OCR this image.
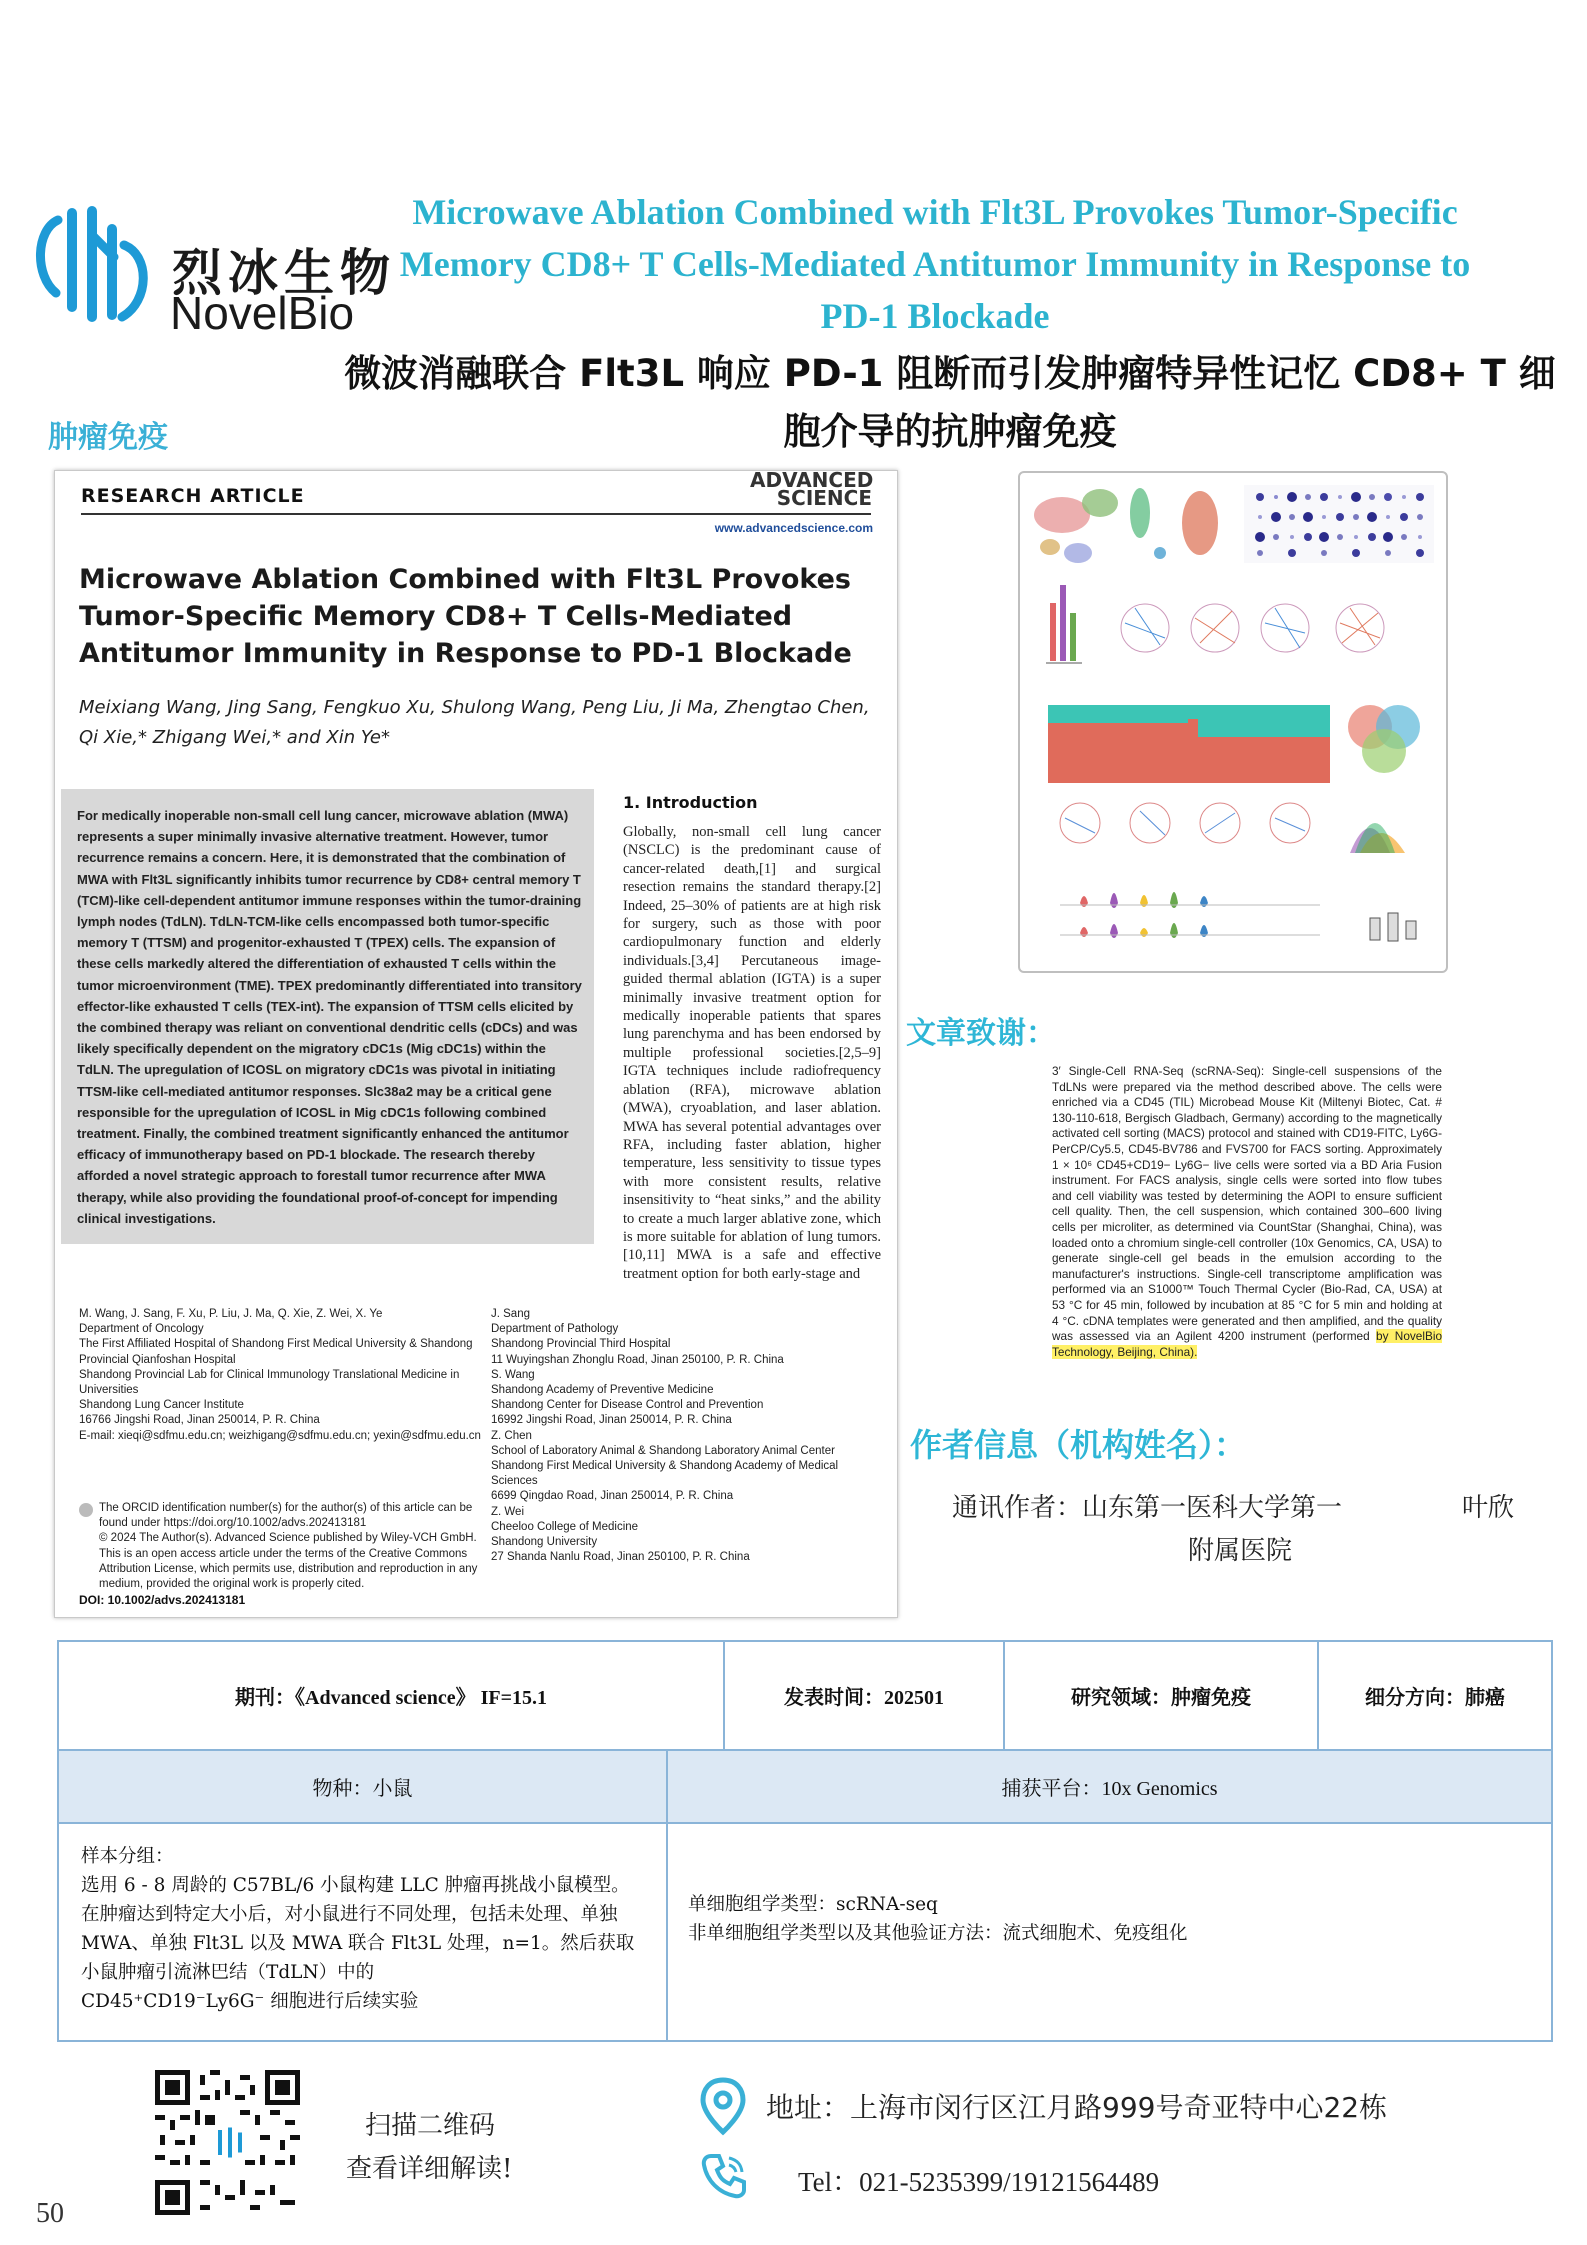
烈冰生物
NovelBio
Microwave Ablation Combined with Flt3L Provokes Tumor-Specific Memory CD8+ T Cells-Mediated Antitumor Immunity in Response to PD-1 Blockade
微波消融联合 Flt3L 响应 PD-1 阻断而引发肿瘤特异性记忆 CD8+ T 细胞介导的抗肿瘤免疫
肿瘤免疫
RESEARCH ARTICLE
ADVANCED
SCIENCE
www.advancedscience.com
Microwave Ablation Combined with Flt3L Provokes Tumor-Specific Memory CD8+ T Cells-Mediated Antitumor Immunity in Response to PD-1 Blockade
Meixiang Wang, Jing Sang, Fengkuo Xu, Shulong Wang, Peng Liu, Ji Ma, Zhengtao Chen, Qi Xie,* Zhigang Wei,* and Xin Ye*
For medically inoperable non-small cell lung cancer, microwave ablation (MWA) represents a super minimally invasive alternative treatment. However, tumor recurrence remains a concern. Here, it is demonstrated that the combination of MWA with Flt3L significantly inhibits tumor recurrence by CD8+ central memory T (TCM)-like cell-dependent antitumor immune responses within the tumor-draining lymph nodes (TdLN). TdLN-TCM-like cells encompassed both tumor-specific memory T (TTSM) and progenitor-exhausted T (TPEX) cells. The expansion of these cells markedly altered the differentiation of exhausted T cells within the tumor microenvironment (TME). TPEX predominantly differentiated into transitory effector-like exhausted T cells (TEX-int). The expansion of TTSM cells elicited by the combined therapy was reliant on conventional dendritic cells (cDCs) and was likely specifically dependent on the migratory cDC1s (Mig cDC1s) within the TdLN. The upregulation of ICOSL on migratory cDC1s was pivotal in initiating TTSM-like cell-mediated antitumor responses. Slc38a2 may be a critical gene responsible for the upregulation of ICOSL in Mig cDC1s following combined treatment. Finally, the combined treatment significantly enhanced the antitumor efficacy of immunotherapy based on PD-1 blockade. The research thereby afforded a novel strategic approach to forestall tumor recurrence after MWA therapy, while also providing the foundational proof-of-concept for impending clinical investigations.
1. Introduction
Globally, non-small cell lung cancer (NSCLC) is the predominant cause of cancer-related death,[1] and surgical resection remains the standard therapy.[2] Indeed, 25–30% of patients are at high risk for surgery, such as those with poor cardiopulmonary function and elderly individuals.[3,4] Percutaneous image-guided thermal ablation (IGTA) is a super minimally invasive treatment option for medically inoperable patients that spares lung parenchyma and has been endorsed by multiple professional societies.[2,5–9] IGTA techniques include radiofrequency ablation (RFA), microwave ablation (MWA), cryoablation, and laser ablation. MWA has several potential advantages over RFA, including faster ablation, higher temperature, less sensitivity to tissue types with more consistent results, relative insensitivity to “heat sinks,” and the ability to create a much larger ablative zone, which is more suitable for ablation of lung tumors.[10,11] MWA is a safe and effective treatment option for both early-stage and
M. Wang, J. Sang, F. Xu, P. Liu, J. Ma, Q. Xie, Z. Wei, X. Ye
Department of Oncology
The First Affiliated Hospital of Shandong First Medical University & Shandong Provincial Qianfoshan Hospital
Shandong Provincial Lab for Clinical Immunology Translational Medicine in Universities
Shandong Lung Cancer Institute
16766 Jingshi Road, Jinan 250014, P. R. China
E-mail: xieqi@sdfmu.edu.cn; weizhigang@sdfmu.edu.cn; yexin@sdfmu.edu.cn
J. Sang
Department of Pathology
Shandong Provincial Third Hospital
11 Wuyingshan Zhonglu Road, Jinan 250100, P. R. China
S. Wang
Shandong Academy of Preventive Medicine
Shandong Center for Disease Control and Prevention
16992 Jingshi Road, Jinan 250014, P. R. China
Z. Chen
School of Laboratory Animal & Shandong Laboratory Animal Center
Shandong First Medical University & Shandong Academy of Medical Sciences
6699 Qingdao Road, Jinan 250014, P. R. China
Z. Wei
Cheeloo College of Medicine
Shandong University
27 Shanda Nanlu Road, Jinan 250100, P. R. China
The ORCID identification number(s) for the author(s) of this article can be found under https://doi.org/10.1002/advs.202413181
© 2024 The Author(s). Advanced Science published by Wiley-VCH GmbH. This is an open access article under the terms of the Creative Commons Attribution License, which permits use, distribution and reproduction in any medium, provided the original work is properly cited.
DOI: 10.1002/advs.202413181
文章致谢：
3′ Single-Cell RNA-Seq (scRNA-Seq): Single-cell suspensions of the TdLNs were prepared via the method described above. The cells were enriched via a CD45 (TIL) Microbead Mouse Kit (Miltenyi Biotec, Cat. # 130-110-618, Bergisch Gladbach, Germany) according to the magnetically activated cell sorting (MACS) protocol and stained with CD19-FITC, Ly6G-PerCP/Cy5.5, CD45-BV786 and FVS700 for FACS sorting. Approximately 1 × 10⁶ CD45+CD19− Ly6G− live cells were sorted via a BD Aria Fusion instrument. For FACS analysis, single cells were sorted into flow tubes and cell viability was tested by determining the AOPI to ensure sufficient cell quality. Then, the cell suspension, which contained 300–600 living cells per microliter, as determined via CountStar (Shanghai, China), was loaded onto a chromium single-cell controller (10x Genomics, CA, USA) to generate single-cell gel beads in the emulsion according to the manufacturer's instructions. Single-cell transcriptome amplification was performed via an S1000™ Touch Thermal Cycler (Bio-Rad, CA, USA) at 53 °C for 45 min, followed by incubation at 85 °C for 5 min and holding at 4 °C. cDNA templates were generated and then amplified, and the quality was assessed via an Agilent 4200 instrument (performed by NovelBio Technology, Beijing, China).
作者信息（机构姓名）：
通讯作者：山东第一医科大学第一	叶欣
附属医院
期刊：《Advanced science》 IF=15.1	发表时间：202501	研究领域：肿瘤免疫	细分方向：肺癌
物种：小鼠	捕获平台：10x Genomics
样本分组：
选用 6 - 8 周龄的 C57BL/6 小鼠构建 LLC 肿瘤再挑战小鼠模型。在肿瘤达到特定大小后，对小鼠进行不同处理，包括未处理、单独 MWA、单独 Flt3L 以及 MWA 联合 Flt3L 处理，n=1。然后获取小鼠肿瘤引流淋巴结（TdLN）中的
CD45⁺CD19⁻Ly6G⁻ 细胞进行后续实验
单细胞组学类型：scRNA-seq
非单细胞组学类型以及其他验证方法：流式细胞术、免疫组化
扫描二维码
查看详细解读!
地址：上海市闵行区江月路999号奇亚特中心22栋
Tel：021-5235399/19121564489
50
